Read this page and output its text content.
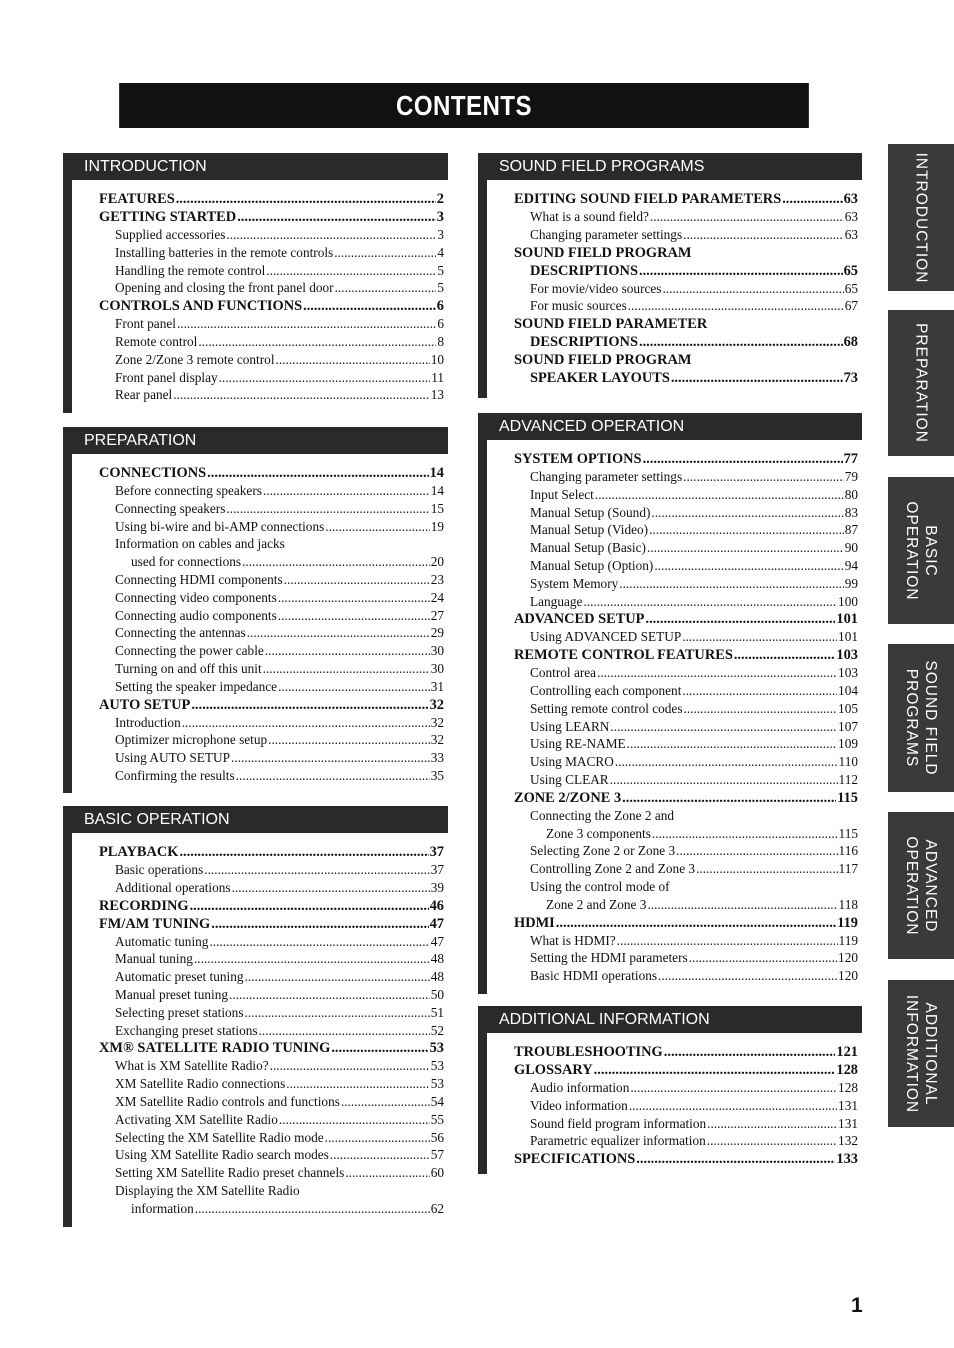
CONTENTS
INTRODUCTION
FEATURES .....	2
GETTING STARTED .....	3
Supplied accessories .....	3
Installing batteries in the remote controls .....	4
Handling the remote control .....	5
Opening and closing the front panel door .....	5
CONTROLS AND FUNCTIONS .....	6
Front panel .....	6
Remote control .....	8
Zone 2/Zone 3 remote control .....	10
Front panel display .....	11
Rear panel .....	13
PREPARATION
CONNECTIONS .....	14
Before connecting speakers .....	14
Connecting speakers .....	15
Using bi-wire and bi-AMP connections .....	19
Information on cables and jacks
used for connections .....	20
Connecting HDMI components .....	23
Connecting video components .....	24
Connecting audio components .....	27
Connecting the antennas .....	29
Connecting the power cable .....	30
Turning on and off this unit .....	30
Setting the speaker impedance .....	31
AUTO SETUP .....	32
Introduction .....	32
Optimizer microphone setup .....	32
Using AUTO SETUP .....	33
Confirming the results .....	35
BASIC OPERATION
PLAYBACK .....	37
Basic operations .....	37
Additional operations .....	39
RECORDING .....	46
FM/AM TUNING .....	47
Automatic tuning .....	47
Manual tuning .....	48
Automatic preset tuning .....	48
Manual preset tuning .....	50
Selecting preset stations .....	51
Exchanging preset stations .....	52
XM® SATELLITE RADIO TUNING .....	53
What is XM Satellite Radio? .....	53
XM Satellite Radio connections .....	53
XM Satellite Radio controls and functions .....	54
Activating XM Satellite Radio .....	55
Selecting the XM Satellite Radio mode .....	56
Using XM Satellite Radio search modes .....	57
Setting XM Satellite Radio preset channels .....	60
Displaying the XM Satellite Radio
information .....	62
SOUND FIELD PROGRAMS
EDITING SOUND FIELD PARAMETERS .....	63
What is a sound field? .....	63
Changing parameter settings .....	63
SOUND FIELD PROGRAM
DESCRIPTIONS .....	65
For movie/video sources .....	65
For music sources .....	67
SOUND FIELD PARAMETER
DESCRIPTIONS .....	68
SOUND FIELD PROGRAM
SPEAKER LAYOUTS .....	73
ADVANCED OPERATION
SYSTEM OPTIONS .....	77
Changing parameter settings .....	79
Input Select .....	80
Manual Setup (Sound) .....	83
Manual Setup (Video) .....	87
Manual Setup (Basic) .....	90
Manual Setup (Option) .....	94
System Memory .....	99
Language .....	100
ADVANCED SETUP .....	101
Using ADVANCED SETUP .....	101
REMOTE CONTROL FEATURES .....	103
Control area .....	103
Controlling each component .....	104
Setting remote control codes .....	105
Using LEARN .....	107
Using RE-NAME .....	109
Using MACRO .....	110
Using CLEAR .....	112
ZONE 2/ZONE 3 .....	115
Connecting the Zone 2 and
Zone 3 components .....	115
Selecting Zone 2 or Zone 3 .....	116
Controlling Zone 2 and Zone 3 .....	117
Using the control mode of
Zone 2 and Zone 3 .....	118
HDMI .....	119
What is HDMI? .....	119
Setting the HDMI parameters .....	120
Basic HDMI operations .....	120
ADDITIONAL INFORMATION
TROUBLESHOOTING .....	121
GLOSSARY .....	128
Audio information .....	128
Video information .....	131
Sound field program information .....	131
Parametric equalizer information .....	132
SPECIFICATIONS .....	133
INTRODUCTION
PREPARATION
BASIC OPERATION
SOUND FIELD PROGRAMS
ADVANCED OPERATION
ADDITIONAL INFORMATION
1
